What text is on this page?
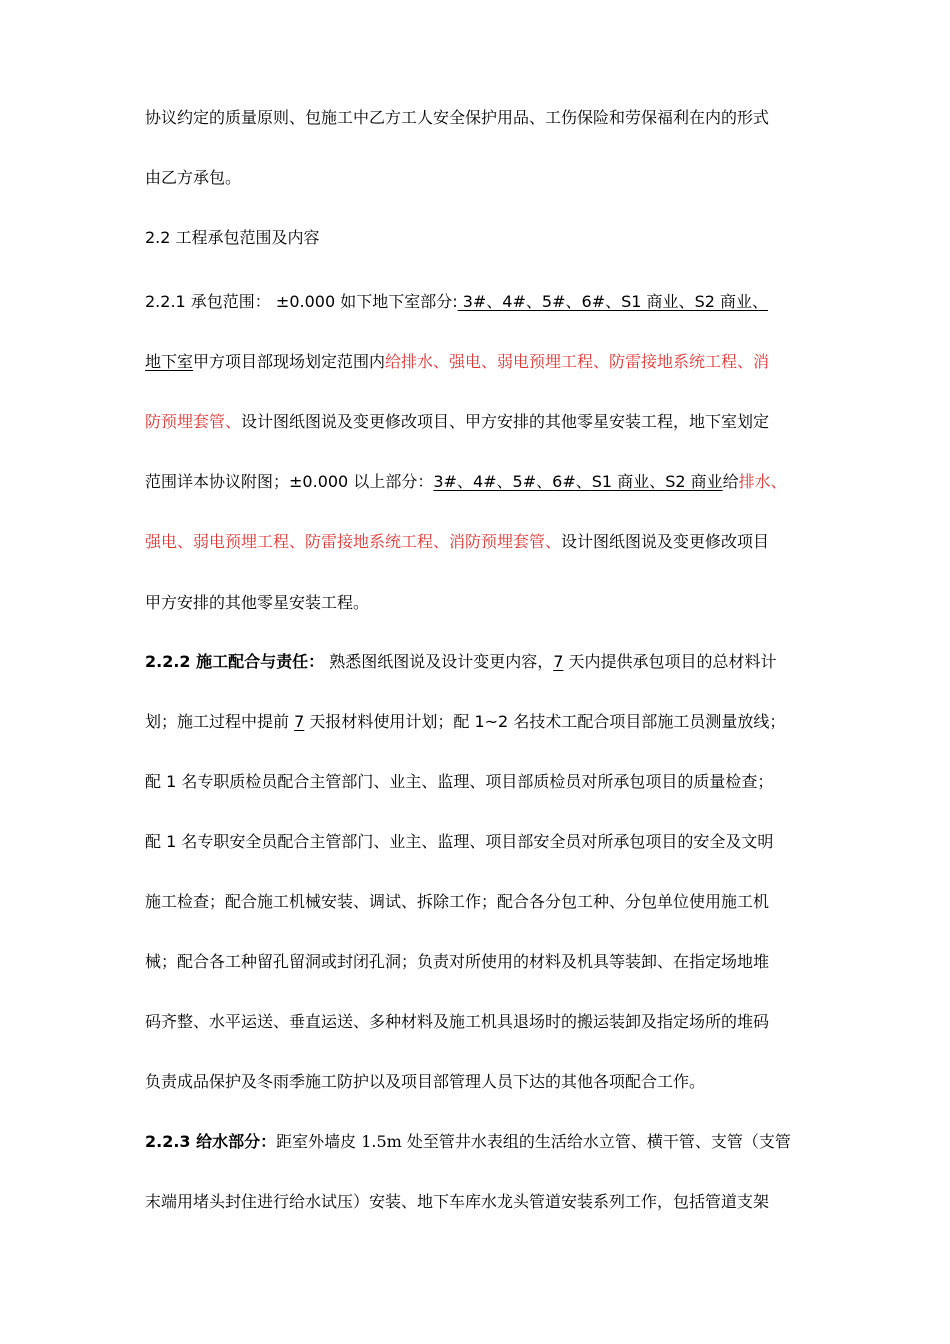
协议约定的质量原则、包施工中乙方工人安全保护用品、工伤保险和劳保福利在内的形式
由乙方承包。
2.2 工程承包范围及内容
2.2.1 承包范围： ±0.000 如下地下室部分: 3#、4#、5#、6#、S1 商业、S2 商业、
地下室甲方项目部现场划定范围内给排水、强电、弱电预埋工程、防雷接地系统工程、消
防预埋套管、设计图纸图说及变更修改项目、甲方安排的其他零星安装工程，地下室划定
范围详本协议附图；±0.000 以上部分：3#、4#、5#、6#、S1 商业、S2 商业给排水、
强电、弱电预埋工程、防雷接地系统工程、消防预埋套管、设计图纸图说及变更修改项目
甲方安排的其他零星安装工程。
2.2.2 施工配合与责任： 熟悉图纸图说及设计变更内容，7 天内提供承包项目的总材料计
划；施工过程中提前 7 天报材料使用计划；配 1~2 名技术工配合项目部施工员测量放线；
配 1 名专职质检员配合主管部门、业主、监理、项目部质检员对所承包项目的质量检查；
配 1 名专职安全员配合主管部门、业主、监理、项目部安全员对所承包项目的安全及文明
施工检查；配合施工机械安装、调试、拆除工作；配合各分包工种、分包单位使用施工机
械；配合各工种留孔留洞或封闭孔洞；负责对所使用的材料及机具等装卸、在指定场地堆
码齐整、水平运送、垂直运送、多种材料及施工机具退场时的搬运装卸及指定场所的堆码
负责成品保护及冬雨季施工防护以及项目部管理人员下达的其他各项配合工作。
2.2.3 给水部分：距室外墙皮 1.5m 处至管井水表组的生活给水立管、横干管、支管（支管
末端用堵头封住进行给水试压）安装、地下车库水龙头管道安装系列工作，包括管道支架
